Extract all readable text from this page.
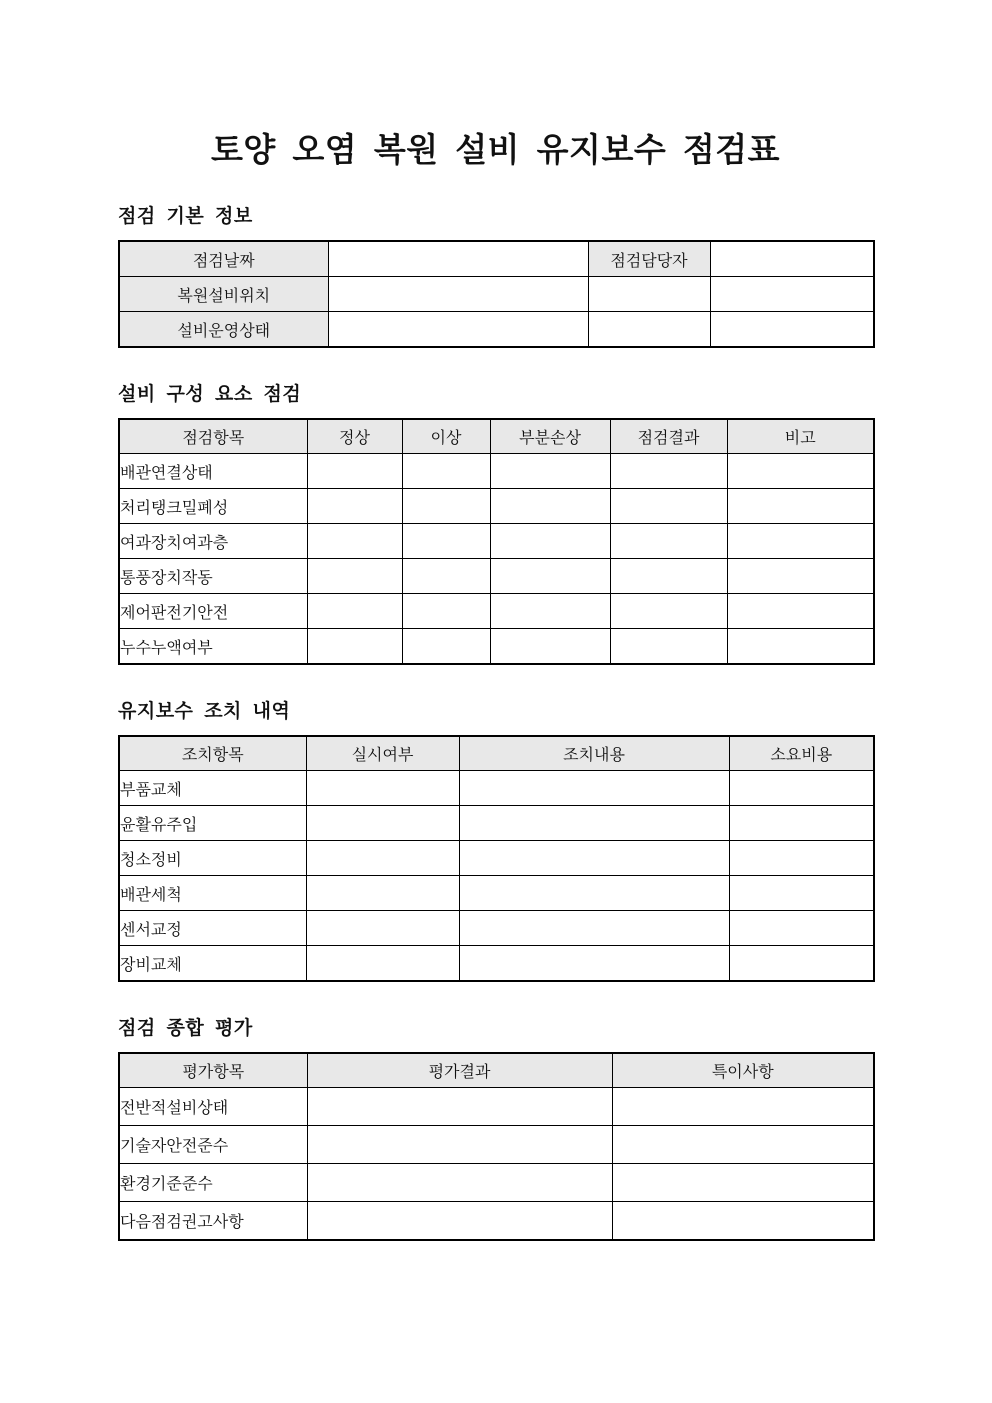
토양 오염 복원 설비 유지보수 점검표
점검 기본 정보
점검날짜		점검담당자	
복원설비위치			
설비운영상태			
설비 구성 요소 점검
점검항목	정상	이상	부분손상	점검결과	비고
배관연결상태					
처리탱크밀폐성					
여과장치여과층					
통풍장치작동					
제어판전기안전					
누수누액여부					
유지보수 조치 내역
조치항목	실시여부	조치내용	소요비용
부품교체			
윤활유주입			
청소정비			
배관세척			
센서교정			
장비교체			
점검 종합 평가
평가항목	평가결과	특이사항
전반적설비상태		
기술자안전준수		
환경기준준수		
다음점검권고사항		
